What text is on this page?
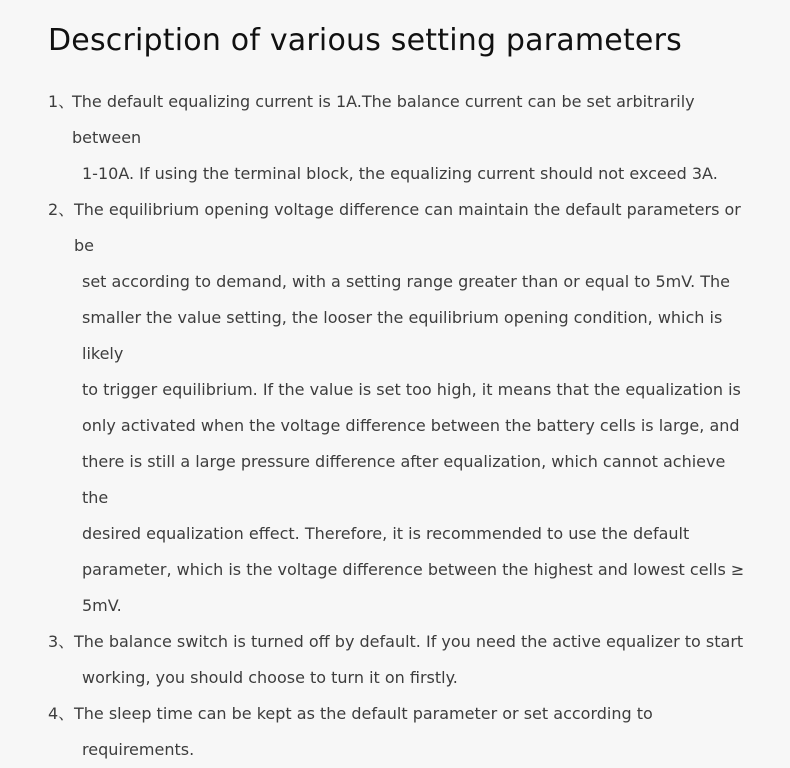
Description of various setting parameters
1、
The default equalizing current is 1A.The balance current can be set arbitrarily between
1-10A. If using the terminal block, the equalizing current should not exceed 3A.
2、 The equilibrium opening voltage difference can maintain the default parameters or be
set according to demand, with a setting range greater than or equal to 5mV. The
smaller the value setting, the looser the equilibrium opening condition, which is likely
to trigger equilibrium. If the value is set too high, it means that the equalization is
only activated when the voltage difference between the battery cells is large, and
there is still a large pressure difference after equalization, which cannot achieve the
desired equalization effect. Therefore, it is recommended to use the default
parameter, which is the voltage difference between the highest and lowest cells ≥
5mV.
3、 The balance switch is turned off by default. If you need the active equalizer to start
working, you should choose to turn it on firstly.
4、 The sleep time can be kept as the default parameter or set according to
requirements.
